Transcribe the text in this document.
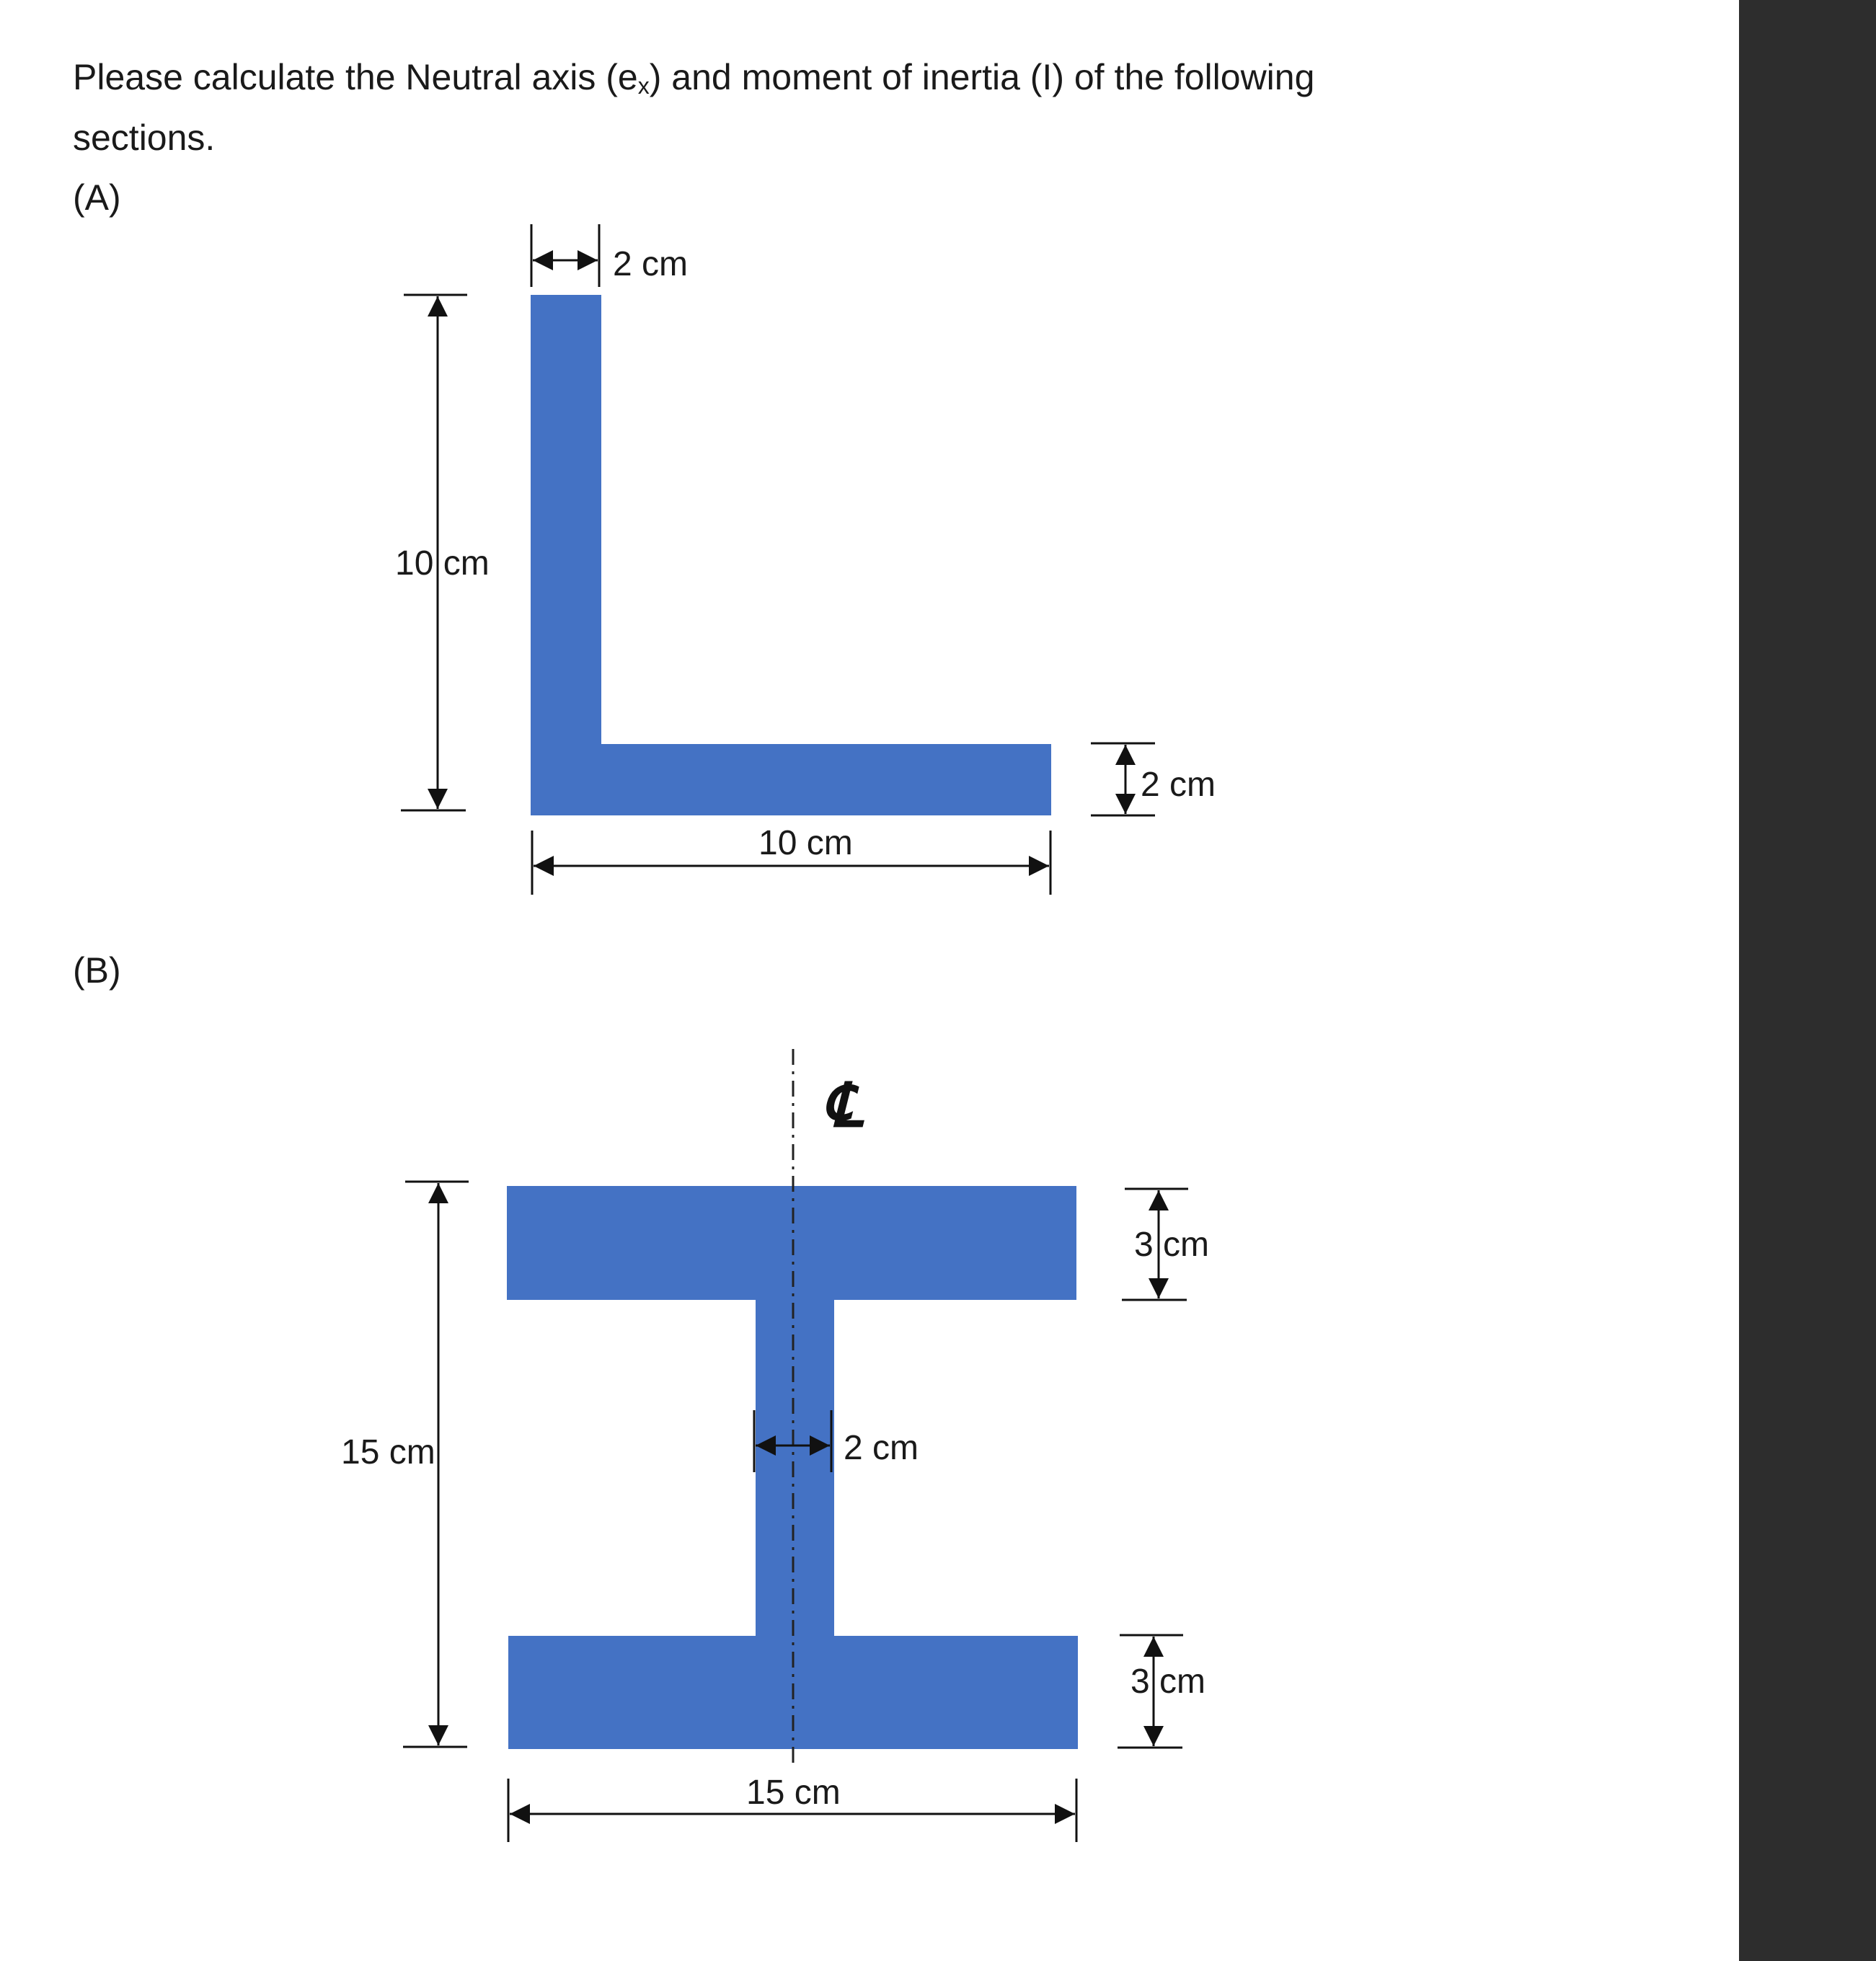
Please calculate the Neutral axis $(e_x)$ and moment of inertia (I) of the following
sections.
(A)
(B)
2 cm
10 cm
10 cm
2 cm
℄
15 cm
3 cm
2 cm
3 cm
15 cm
